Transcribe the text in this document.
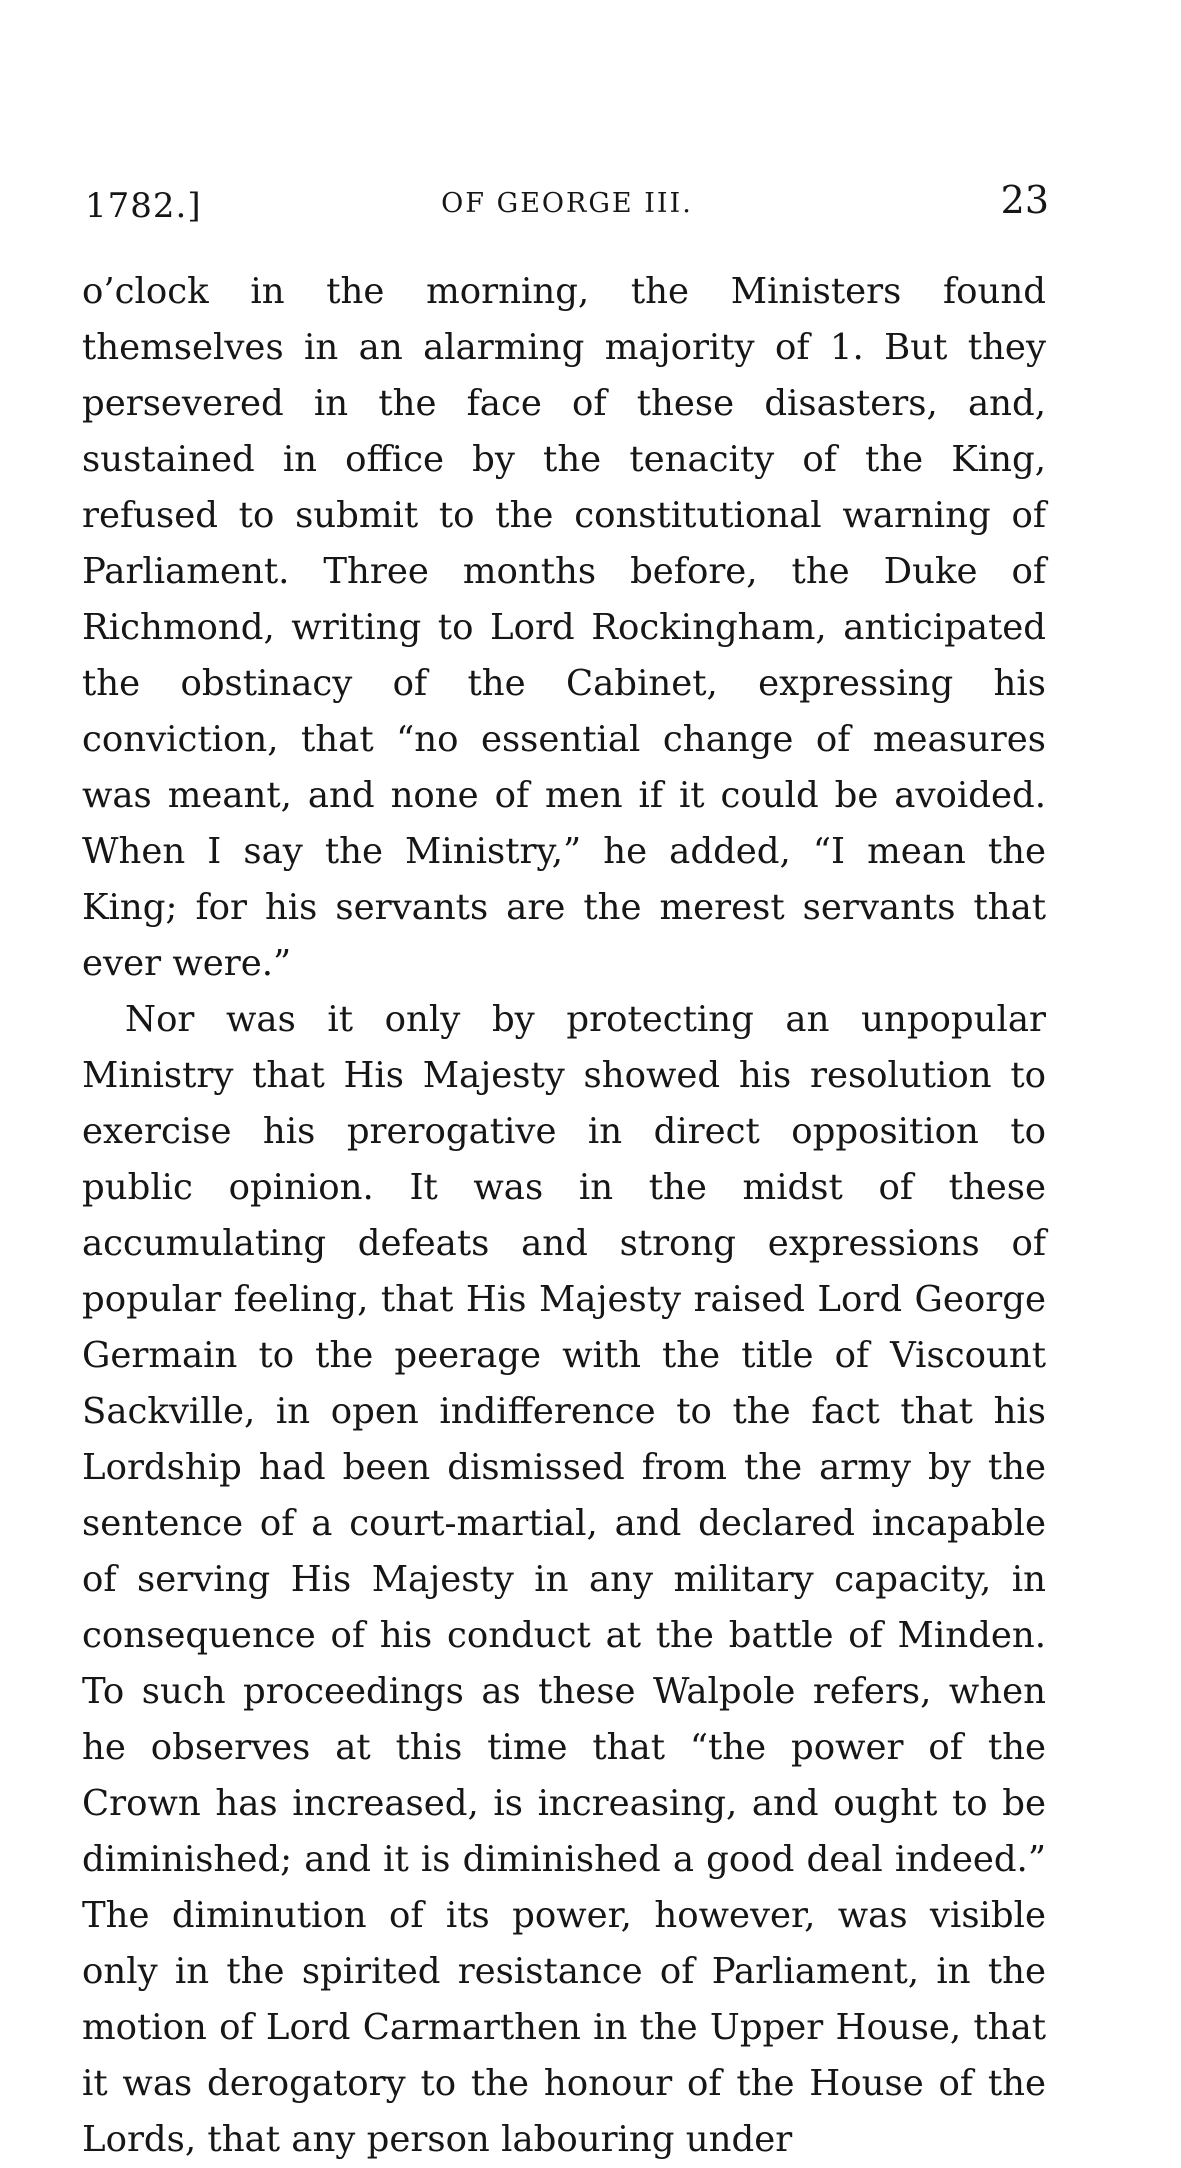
1782.]	OF GEORGE III.	23

o’clock in the morning, the Ministers found themselves in an alarming majority of 1. But they persevered in the face of these disasters, and, sustained in office by the tenacity of the King, refused to submit to the constitutional warning of Parliament. Three months before, the Duke of Richmond, writing to Lord Rockingham, anticipated the obstinacy of the Cabinet, expressing his conviction, that “no essential change of measures was meant, and none of men if it could be avoided. When I say the Ministry,” he added, “I mean the King; for his servants are the merest servants that ever were.”

Nor was it only by protecting an unpopular Ministry that His Majesty showed his resolution to exercise his prerogative in direct opposition to public opinion. It was in the midst of these accumulating defeats and strong expressions of popular feeling, that His Majesty raised Lord George Germain to the peerage with the title of Viscount Sackville, in open indifference to the fact that his Lordship had been dismissed from the army by the sentence of a court-martial, and declared incapable of serving His Majesty in any military capacity, in consequence of his conduct at the battle of Minden. To such proceedings as these Walpole refers, when he observes at this time that “the power of the Crown has increased, is increasing, and ought to be diminished; and it is diminished a good deal indeed.” The diminution of its power, however, was visible only in the spirited resistance of Parliament, in the motion of Lord Carmarthen in the Upper House, that it was derogatory to the honour of the House of the Lords, that any person labouring under
